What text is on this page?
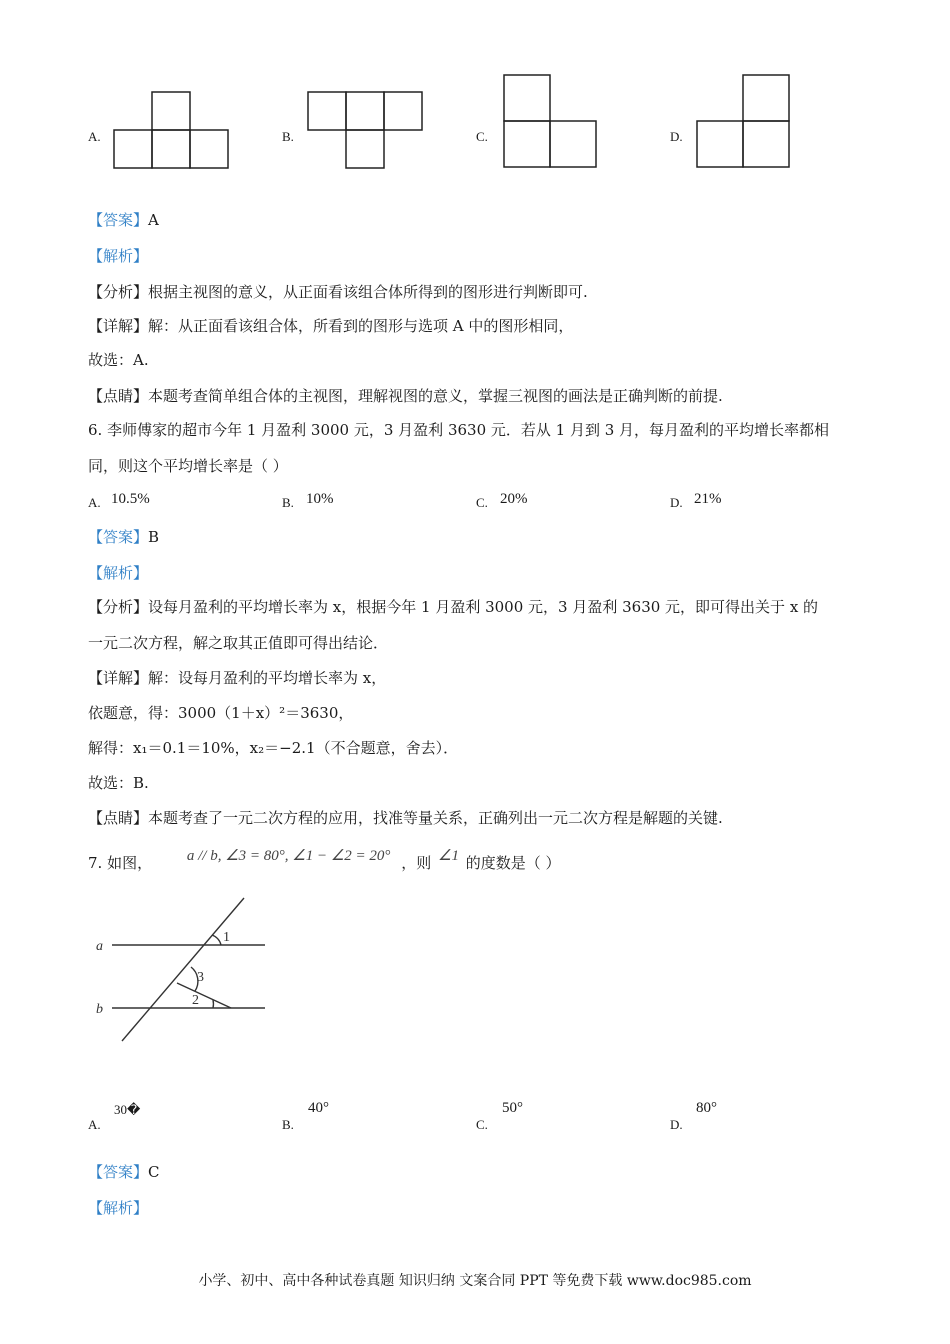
A.	B.	C.	D.
【答案】A
【解析】
【分析】根据主视图的意义，从正面看该组合体所得到的图形进行判断即可.
【详解】解：从正面看该组合体，所看到的图形与选项 A 中的图形相同，
故选：A.
【点睛】本题考查简单组合体的主视图，理解视图的意义，掌握三视图的画法是正确判断的前提.
6. 李师傅家的超市今年 1 月盈利 3000 元，3 月盈利 3630 元．若从 1 月到 3 月，每月盈利的平均增长率都相
同，则这个平均增长率是（ ）
A. 10.5%	B. 10%	C. 20%	D. 21%
【答案】B
【解析】
【分析】设每月盈利的平均增长率为 x，根据今年 1 月盈利 3000 元，3 月盈利 3630 元，即可得出关于 x 的
一元二次方程，解之取其正值即可得出结论．
【详解】解：设每月盈利的平均增长率为 x，
依题意，得：3000（1＋x）²＝3630，
解得：x₁＝0.1＝10%，x₂＝−2.1（不合题意，舍去）．
故选：B.
【点睛】本题考查了一元二次方程的应用，找准等量关系，正确列出一元二次方程是解题的关键.
7. 如图， a // b, ∠3 = 80°, ∠1 − ∠2 = 20° ，则 ∠1 的度数是（ ）
a
b
1
3
2
A.
30�
B.
40°
C.
50°
D.
80°
【答案】C
【解析】
小学、初中、高中各种试卷真题 知识归纳 文案合同 PPT 等免费下载 www.doc985.com
